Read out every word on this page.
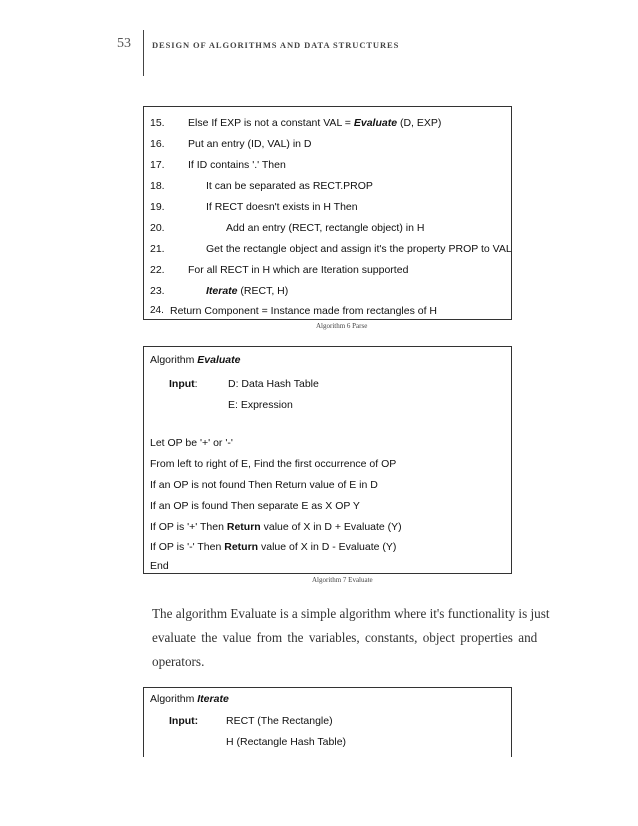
53 DESIGN OF ALGORITHMS AND DATA STRUCTURES
15. Else If EXP is not a constant VAL = Evaluate (D, EXP)
16. Put an entry (ID, VAL) in D
17. If ID contains '.' Then
18.	It can be separated as RECT.PROP
19.	If RECT doesn't exists in H Then
20.	Add an entry (RECT, rectangle object) in H
21.	Get the rectangle object and assign it's the property PROP to VAL
22. For all RECT in H which are Iteration supported
23.	Iterate (RECT, H)
24. Return Component = Instance made from rectangles of H
Algorithm 6 Parse
Algorithm Evaluate
Input:	D: Data Hash Table
E: Expression
Let OP be '+' or '-'
From left to right of E, Find the first occurrence of OP
If an OP is not found Then Return value of E in D
If an OP is found Then separate E as X OP Y
If OP is '+' Then Return value of X in D + Evaluate (Y)
If OP is '-' Then Return value of X in D - Evaluate (Y)
End
Algorithm 7 Evaluate
The algorithm Evaluate is a simple algorithm where it's functionality is just
evaluate the value from the variables, constants, object properties and
operators.
Algorithm Iterate
Input:	RECT (The Rectangle)
H (Rectangle Hash Table)
